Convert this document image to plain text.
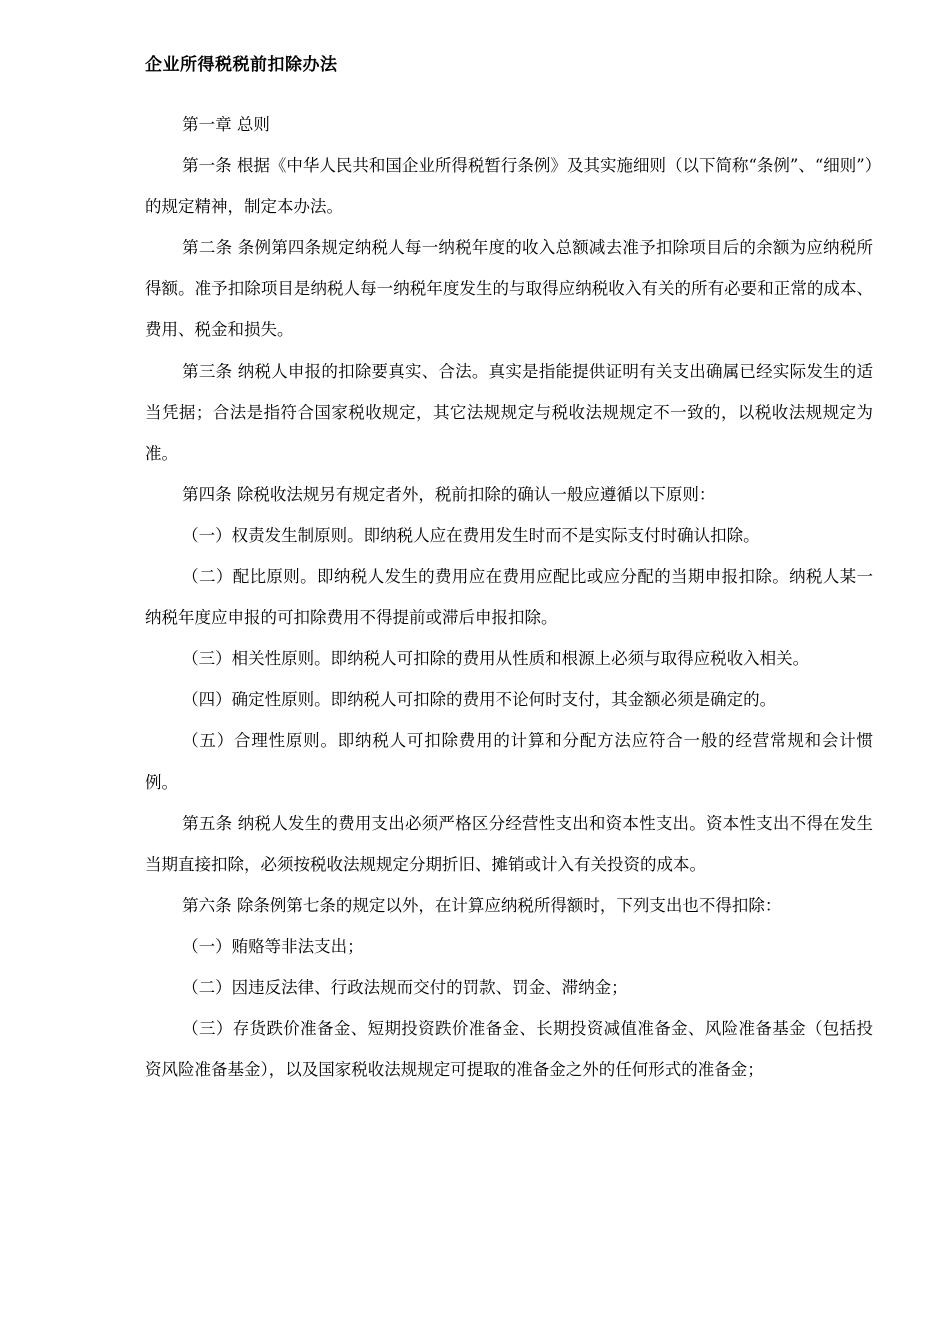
企业所得税税前扣除办法

第一章 总则

第一条 根据《中华人民共和国企业所得税暂行条例》及其实施细则（以下简称“条例”、“细则”）的规定精神，制定本办法。

第二条 条例第四条规定纳税人每一纳税年度的收入总额减去准予扣除项目后的余额为应纳税所得额。准予扣除项目是纳税人每一纳税年度发生的与取得应纳税收入有关的所有必要和正常的成本、费用、税金和损失。

第三条 纳税人申报的扣除要真实、合法。真实是指能提供证明有关支出确属已经实际发生的适当凭据；合法是指符合国家税收规定，其它法规规定与税收法规规定不一致的，以税收法规规定为准。

第四条 除税收法规另有规定者外，税前扣除的确认一般应遵循以下原则：

（一）权责发生制原则。即纳税人应在费用发生时而不是实际支付时确认扣除。

（二）配比原则。即纳税人发生的费用应在费用应配比或应分配的当期申报扣除。纳税人某一纳税年度应申报的可扣除费用不得提前或滞后申报扣除。

（三）相关性原则。即纳税人可扣除的费用从性质和根源上必须与取得应税收入相关。

（四）确定性原则。即纳税人可扣除的费用不论何时支付，其金额必须是确定的。

（五）合理性原则。即纳税人可扣除费用的计算和分配方法应符合一般的经营常规和会计惯例。

第五条 纳税人发生的费用支出必须严格区分经营性支出和资本性支出。资本性支出不得在发生当期直接扣除，必须按税收法规规定分期折旧、摊销或计入有关投资的成本。

第六条 除条例第七条的规定以外，在计算应纳税所得额时，下列支出也不得扣除：

（一）贿赂等非法支出；

（二）因违反法律、行政法规而交付的罚款、罚金、滞纳金；

（三）存货跌价准备金、短期投资跌价准备金、长期投资减值准备金、风险准备基金（包括投资风险准备基金），以及国家税收法规规定可提取的准备金之外的任何形式的准备金；
